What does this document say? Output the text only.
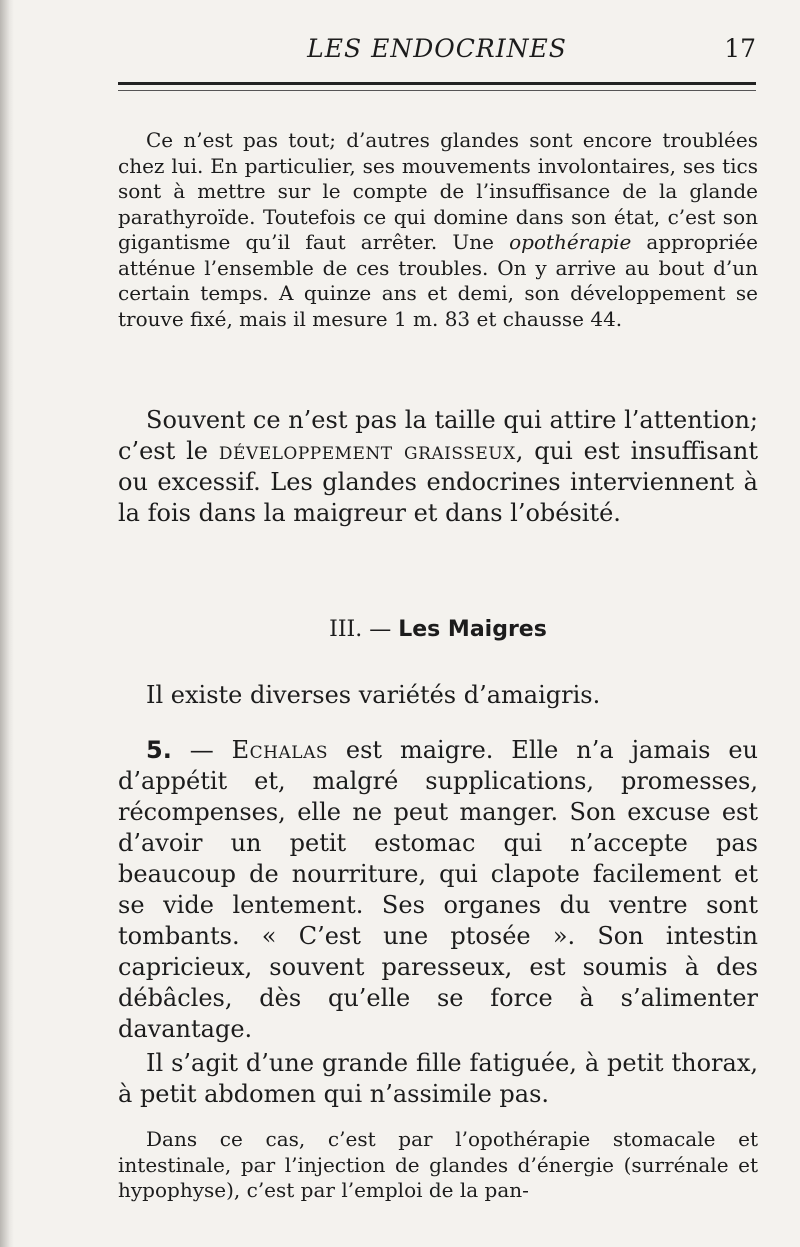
LES ENDOCRINES	17

Ce n’est pas tout; d’autres glandes sont encore troublées chez lui. En particulier, ses mouvements involontaires, ses tics sont à mettre sur le compte de l’insuffisance de la glande parathyroïde. Toutefois ce qui domine dans son état, c’est son gigantisme qu’il faut arrêter. Une opothérapie appropriée atténue l’ensemble de ces troubles. On y arrive au bout d’un certain temps. A quinze ans et demi, son développement se trouve fixé, mais il mesure 1 m. 83 et chausse 44.

Souvent ce n’est pas la taille qui attire l’attention; c’est le développement graisseux, qui est insuffisant ou excessif. Les glandes endocrines interviennent à la fois dans la maigreur et dans l’obésité.

III. — Les Maigres

Il existe diverses variétés d’amaigris.

5. — Echalas est maigre. Elle n’a jamais eu d’appétit et, malgré supplications, promesses, récompenses, elle ne peut manger. Son excuse est d’avoir un petit estomac qui n’accepte pas beaucoup de nourriture, qui clapote facilement et se vide lentement. Ses organes du ventre sont tombants. « C’est une ptosée ». Son intestin capricieux, souvent paresseux, est soumis à des débâcles, dès qu’elle se force à s’alimenter davantage.

Il s’agit d’une grande fille fatiguée, à petit thorax, à petit abdomen qui n’assimile pas.

Dans ce cas, c’est par l’opothérapie stomacale et intestinale, par l’injection de glandes d’énergie (surrénale et hypophyse), c’est par l’emploi de la pan-
